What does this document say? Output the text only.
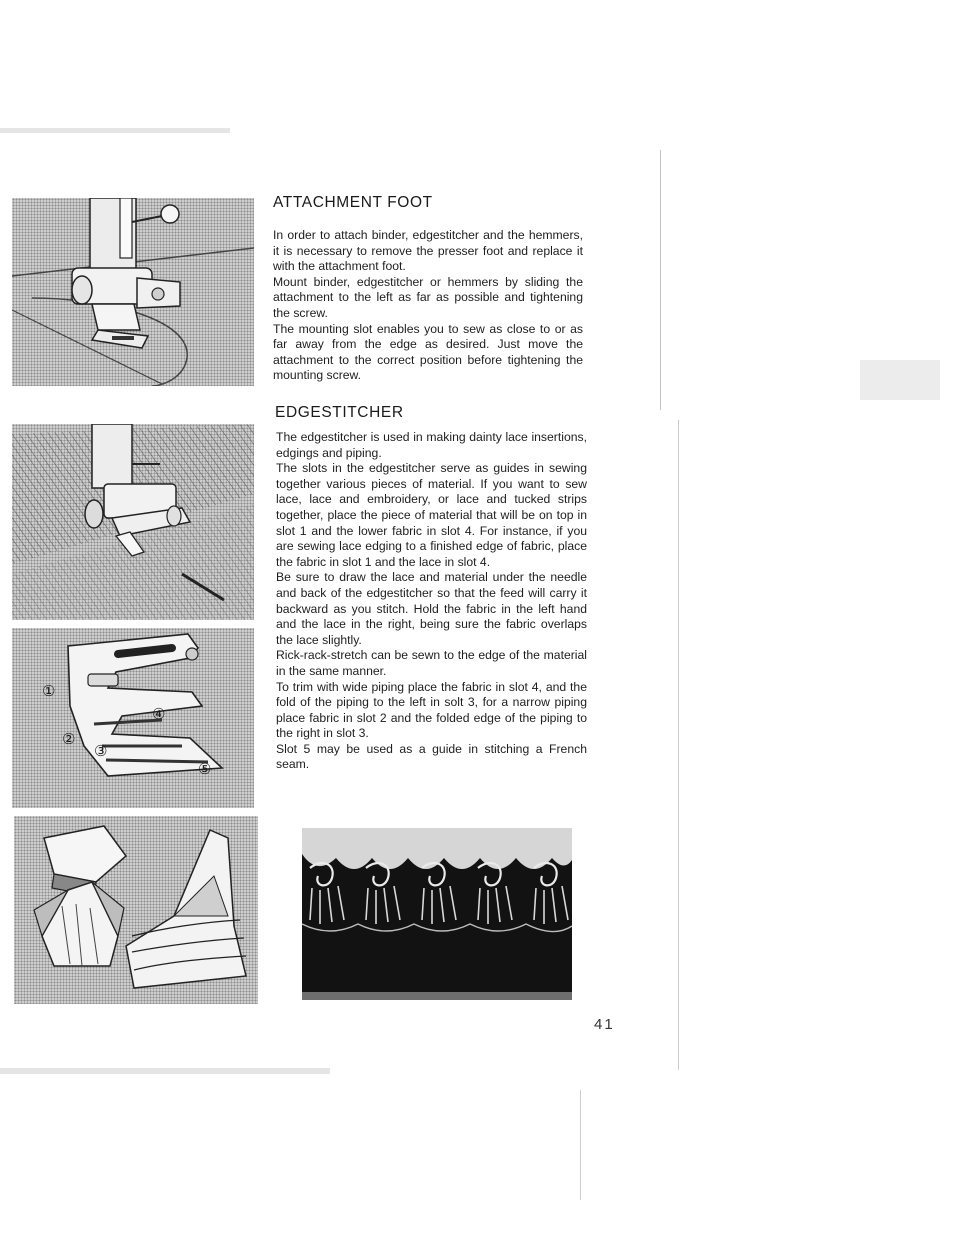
①
②
③
④
⑤
ATTACHMENT FOOT

In order to attach binder, edgestitcher and the hemmers, it is necessary to remove the presser foot and replace it with the attachment foot.
Mount binder, edgestitcher or hemmers by sliding the attachment to the left as far as possible and tightening the screw.
The mounting slot enables you to sew as close to or as far away from the edge as desired. Just move the attachment to the correct position before tightening the mounting screw.

EDGESTITCHER

The edgestitcher is used in making dainty lace insertions, edgings and piping.
The slots in the edgestitcher serve as guides in sewing together various pieces of material. If you want to sew lace, lace and embroidery, or lace and tucked strips together, place the piece of material that will be on top in slot 1 and the lower fabric in slot 4. For instance, if you are sewing lace edging to a finished edge of fabric, place the fabric in slot 1 and the lace in slot 4.
Be sure to draw the lace and material under the needle and back of the edgestitcher so that the feed will carry it backward as you stitch. Hold the fabric in the left hand and the lace in the right, being sure the fabric overlaps the lace slightly.
Rick-rack-stretch can be sewn to the edge of the material in the same manner.
To trim with wide piping place the fabric in slot 4, and the fold of the piping to the left in solt 3, for a narrow piping place fabric in slot 2 and the folded edge of the piping to the right in slot 3.
Slot 5 may be used as a guide in stitching a French seam.

41
